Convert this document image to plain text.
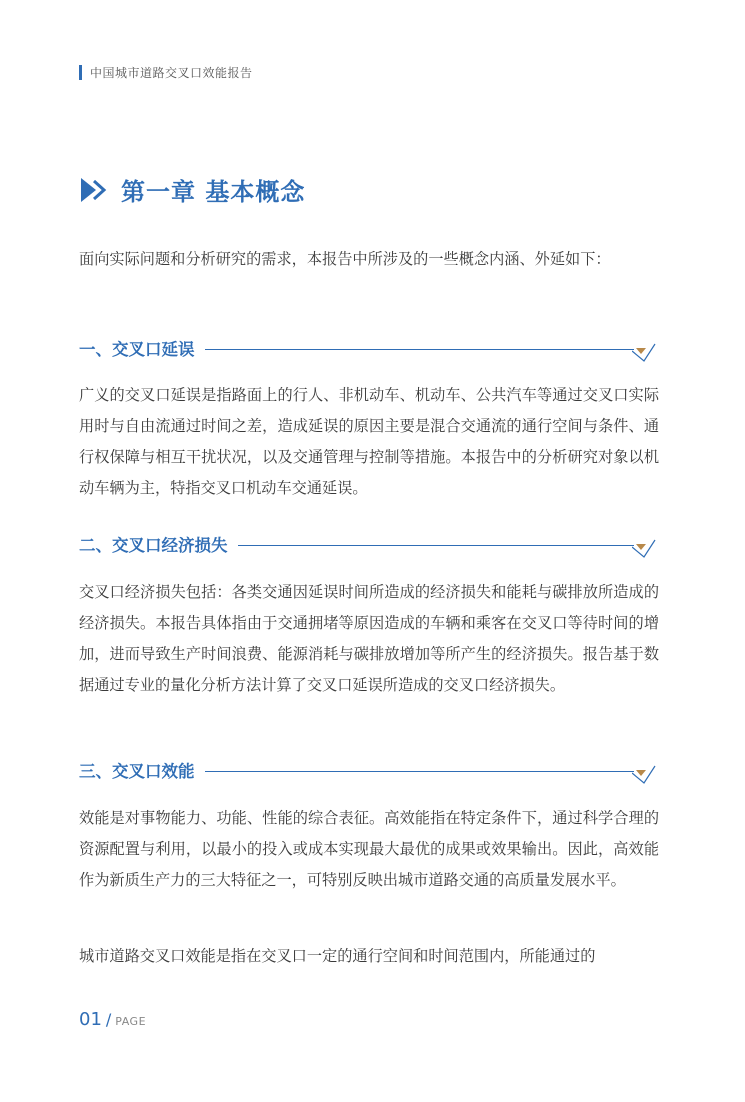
中国城市道路交叉口效能报告
第一章 基本概念

面向实际问题和分析研究的需求，本报告中所涉及的一些概念内涵、外延如下：

一、交叉口延误

广义的交叉口延误是指路面上的行人、非机动车、机动车、公共汽车等通过交叉口实际用时与自由流通过时间之差，造成延误的原因主要是混合交通流的通行空间与条件、通行权保障与相互干扰状况，以及交通管理与控制等措施。本报告中的分析研究对象以机动车辆为主，特指交叉口机动车交通延误。

二、交叉口经济损失

交叉口经济损失包括：各类交通因延误时间所造成的经济损失和能耗与碳排放所造成的经济损失。本报告具体指由于交通拥堵等原因造成的车辆和乘客在交叉口等待时间的增加，进而导致生产时间浪费、能源消耗与碳排放增加等所产生的经济损失。报告基于数据通过专业的量化分析方法计算了交叉口延误所造成的交叉口经济损失。

三、交叉口效能

效能是对事物能力、功能、性能的综合表征。高效能指在特定条件下，通过科学合理的资源配置与利用，以最小的投入或成本实现最大最优的成果或效果输出。因此，高效能作为新质生产力的三大特征之一，可特别反映出城市道路交通的高质量发展水平。

城市道路交叉口效能是指在交叉口一定的通行空间和时间范围内，所能通过的

01 / PAGE
